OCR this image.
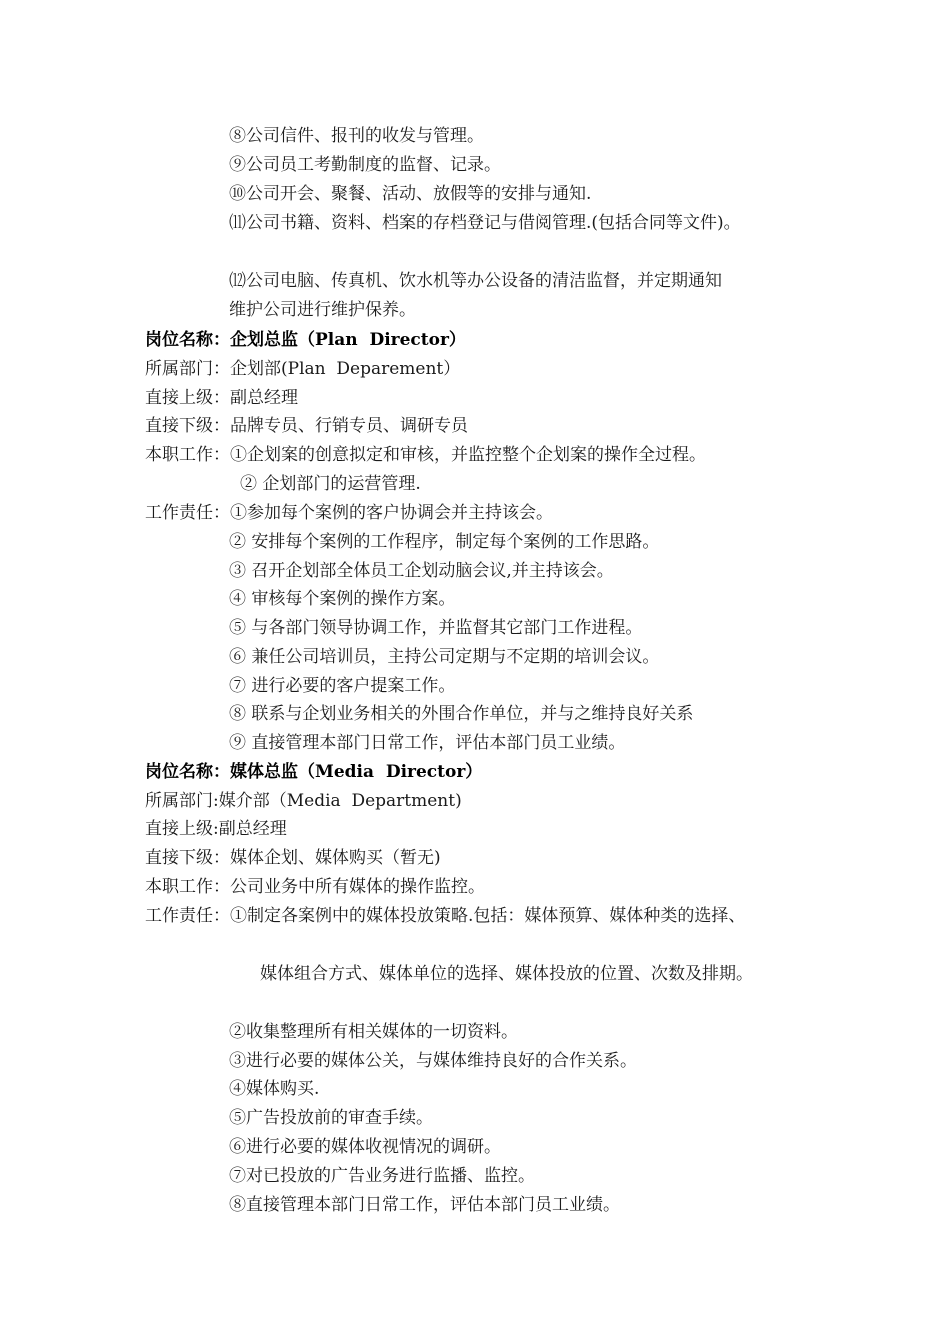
⑧公司信件、报刊的收发与管理。
⑨公司员工考勤制度的监督、记录。
⑩公司开会、聚餐、活动、放假等的安排与通知.
⑾公司书籍、资料、档案的存档登记与借阅管理.(包括合同等文件)。
⑿公司电脑、传真机、饮水机等办公设备的清洁监督，并定期通知
维护公司进行维护保养。
岗位名称：企划总监（Plan  Director）
所属部门：企划部(Plan  Deparement）
直接上级：副总经理
直接下级：品牌专员、行销专员、调研专员
本职工作：①企划案的创意拟定和审核，并监控整个企划案的操作全过程。
② 企划部门的运营管理.
工作责任：①参加每个案例的客户协调会并主持该会。
② 安排每个案例的工作程序，制定每个案例的工作思路。
③ 召开企划部全体员工企划动脑会议,并主持该会。
④ 审核每个案例的操作方案。
⑤ 与各部门领导协调工作，并监督其它部门工作进程。
⑥ 兼任公司培训员，主持公司定期与不定期的培训会议。
⑦ 进行必要的客户提案工作。
⑧ 联系与企划业务相关的外围合作单位，并与之维持良好关系
⑨ 直接管理本部门日常工作，评估本部门员工业绩。
岗位名称：媒体总监（Media  Director）
所属部门:媒介部（Media  Department)
直接上级:副总经理
直接下级：媒体企划、媒体购买（暂无)
本职工作：公司业务中所有媒体的操作监控。
工作责任：①制定各案例中的媒体投放策略.包括：媒体预算、媒体种类的选择、
媒体组合方式、媒体单位的选择、媒体投放的位置、次数及排期。
②收集整理所有相关媒体的一切资料。
③进行必要的媒体公关，与媒体维持良好的合作关系。
④媒体购买.
⑤广告投放前的审查手续。
⑥进行必要的媒体收视情况的调研。
⑦对已投放的广告业务进行监播、监控。
⑧直接管理本部门日常工作，评估本部门员工业绩。
